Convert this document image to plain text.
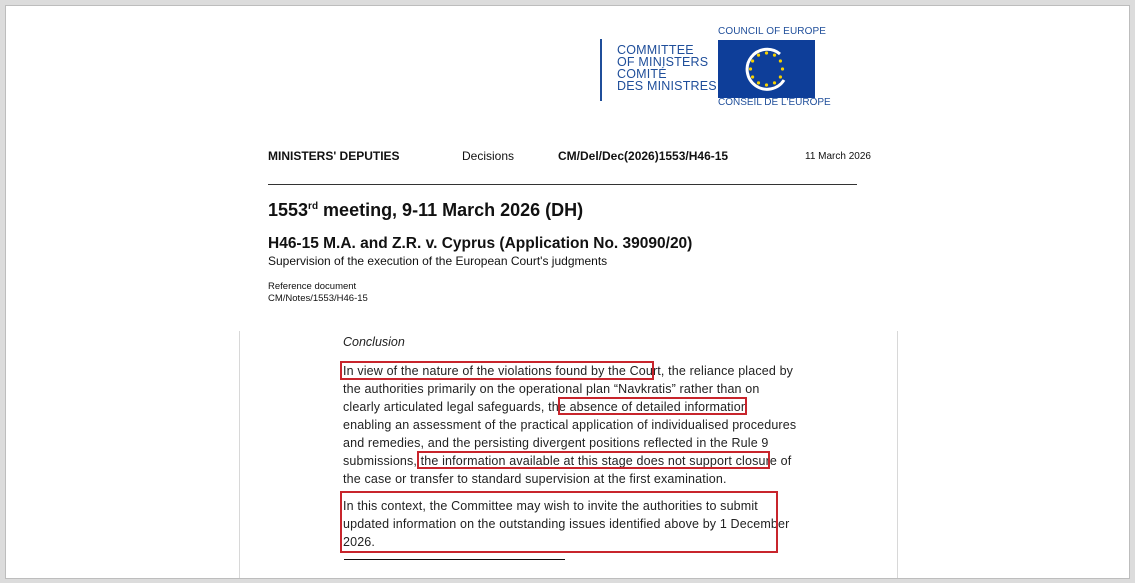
COMMITTEE
OF MINISTERS
COMITÉ
DES MINISTRES
COUNCIL OF EUROPE
CONSEIL DE L'EUROPE
MINISTERS' DEPUTIES	Decisions	CM/Del/Dec(2026)1553/H46-15	11 March 2026
1553rd meeting, 9-11 March 2026 (DH)
H46-15 M.A. and Z.R. v. Cyprus (Application No. 39090/20)
Supervision of the execution of the European Court's judgments
Reference document
CM/Notes/1553/H46-15
Conclusion

In view of the nature of the violations found by the Court, the reliance placed by

the authorities primarily on the operational plan “Navkratis” rather than on

clearly articulated legal safeguards, the absence of detailed information

enabling an assessment of the practical application of individualised procedures

and remedies, and the persisting divergent positions reflected in the Rule 9

submissions, the information available at this stage does not support closure of

the case or transfer to standard supervision at the first examination.

In this context, the Committee may wish to invite the authorities to submit

updated information on the outstanding issues identified above by 1 December

2026.
